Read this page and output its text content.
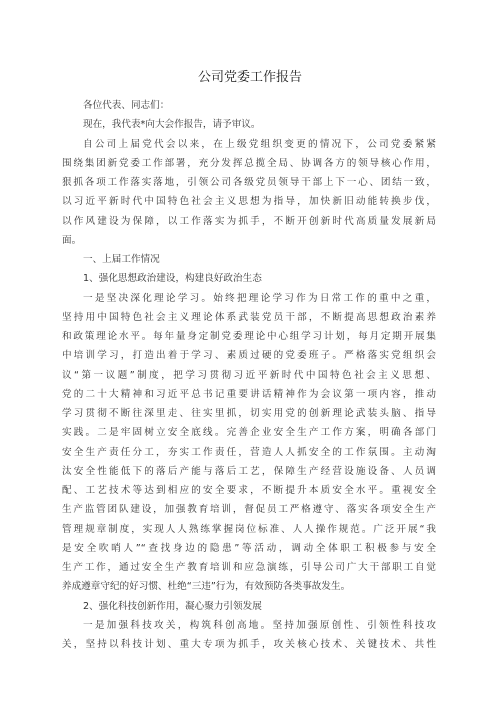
公司党委工作报告
各位代表、同志们：
现在，我代表*向大会作报告，请予审议。
自公司上届党代会以来，在上级党组织变更的情况下，公司党委紧紧
围绕集团新党委工作部署，充分发挥总揽全局、协调各方的领导核心作用，
狠抓各项工作落实落地，引领公司各级党员领导干部上下一心、团结一致，
以习近平新时代中国特色社会主义思想为指导，加快新旧动能转换步伐，
以作风建设为保障，以工作落实为抓手，不断开创新时代高质量发展新局
面。
一、上届工作情况
1、强化思想政治建设，构建良好政治生态
一是坚决深化理论学习。始终把理论学习作为日常工作的重中之重，
坚持用中国特色社会主义理论体系武装党员干部，不断提高思想政治素养
和政策理论水平。每年量身定制党委理论中心组学习计划，每月定期开展集
中培训学习，打造出着于学习、素质过硬的党委班子。严格落实党组织会
议“第一议题”制度，把学习贯彻习近平新时代中国特色社会主义思想、
党的二十大精神和习近平总书记重要讲话精神作为会议第一项内容，推动
学习贯彻不断往深里走、往实里抓，切实用党的创新理论武装头脑、指导
实践。二是牢固树立安全底线。完善企业安全生产工作方案，明确各部门
安全生产责任分工，夯实工作责任，营造人人抓安全的工作氛围。主动淘
汰安全性能低下的落后产能与落后工艺，保障生产经营设施设备、人员调
配、工艺技术等达到相应的安全要求，不断提升本质安全水平。重视安全
生产监管团队建设，加强教育培训，督促员工严格遵守、落实各项安全生产
管理规章制度，实现人人熟练掌握岗位标准、人人操作规范。广泛开展“我
是安全吹哨人”“查找身边的隐患”等活动，调动全体职工积极参与安全
生产工作，通过安全生产教育培训和应急演练，引导公司广大干部职工自觉
养成遵章守纪的好习惯、杜绝“三违”行为，有效预防各类事故发生。
2、强化科技创新作用，凝心聚力引领发展
一是加强科技攻关，构筑科创高地。坚持加强原创性、引领性科技攻
关，坚持以科技计划、重大专项为抓手，攻关核心技术、关键技术、共性
